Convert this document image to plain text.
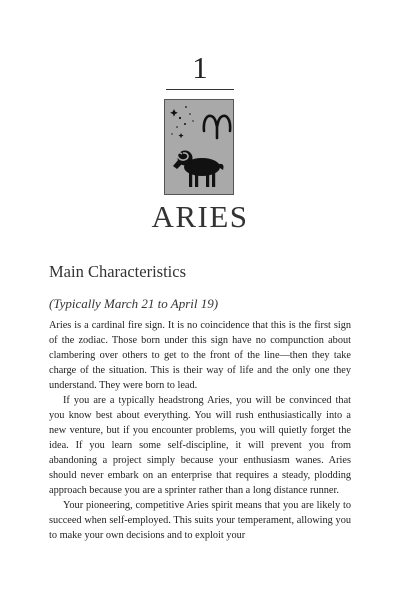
1
ARIES
Main Characteristics
(Typically March 21 to April 19)

Aries is a cardinal fire sign. It is no coincidence that this is the first sign of the zodiac. Those born under this sign have no compunction about clambering over others to get to the front of the line—then they take charge of the situation. This is their way of life and the only one they understand. They were born to lead.

If you are a typically headstrong Aries, you will be convinced that you know best about everything. You will rush enthusiastically into a new venture, but if you encounter problems, you will quietly forget the idea. If you learn some self-discipline, it will prevent you from abandoning a project simply because your enthusiasm wanes. Aries should never embark on an enterprise that requires a steady, plodding approach because you are a sprinter rather than a long distance runner.

Your pioneering, competitive Aries spirit means that you are likely to succeed when self-employed. This suits your temperament, allowing you to make your own decisions and to exploit your
